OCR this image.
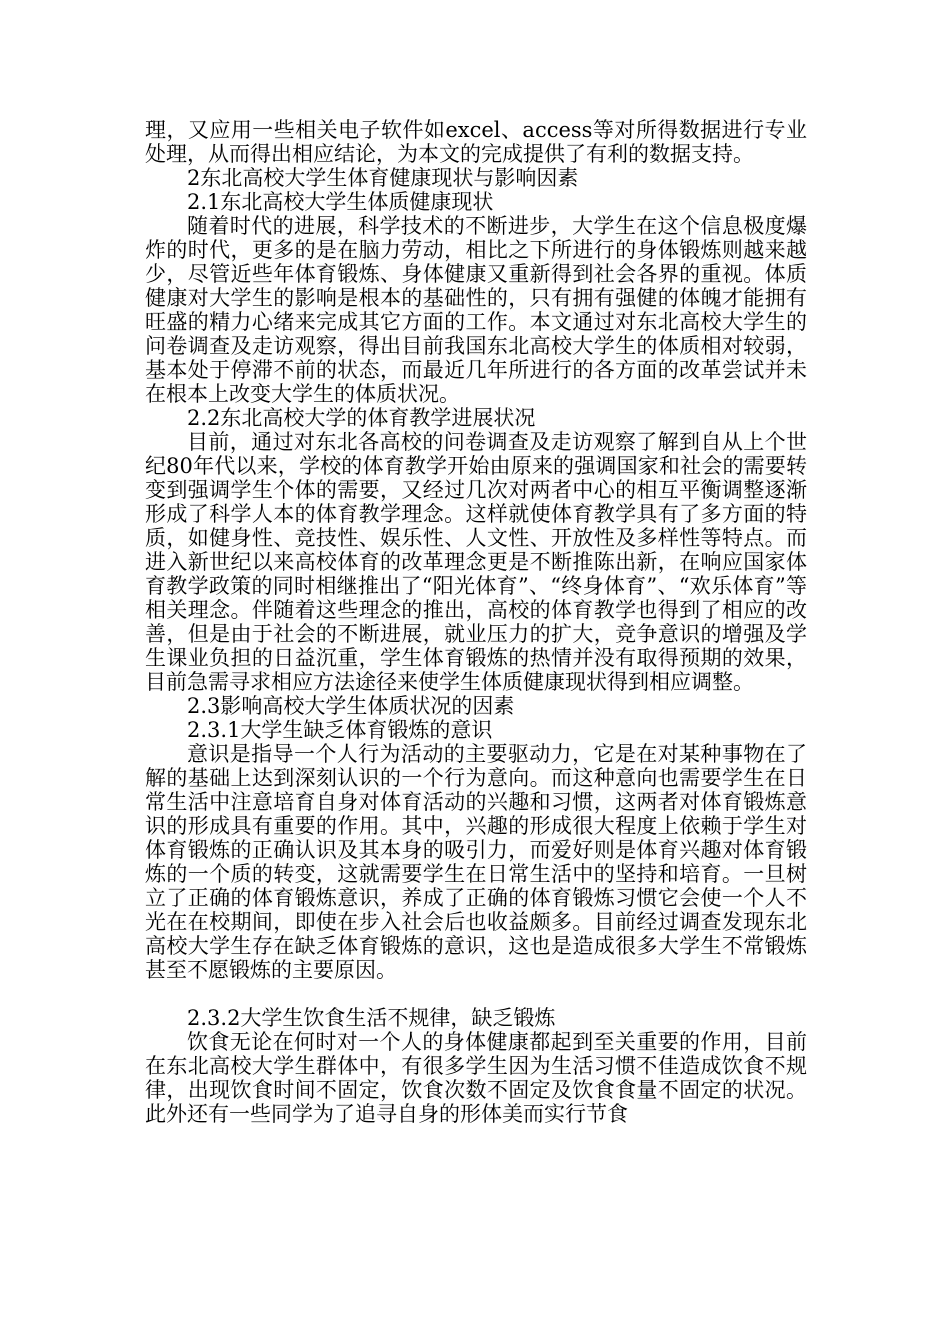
理，又应用一些相关电子软件如excel、access等对所得数据进行专业处理，从而得出相应结论，为本文的完成提供了有利的数据支持。

2东北高校大学生体育健康现状与影响因素

2.1东北高校大学生体质健康现状

随着时代的进展，科学技术的不断进步，大学生在这个信息极度爆炸的时代，更多的是在脑力劳动，相比之下所进行的身体锻炼则越来越少，尽管近些年体育锻炼、身体健康又重新得到社会各界的重视。体质健康对大学生的影响是根本的基础性的，只有拥有强健的体魄才能拥有旺盛的精力心绪来完成其它方面的工作。本文通过对东北高校大学生的问卷调查及走访观察，得出目前我国东北高校大学生的体质相对较弱，基本处于停滞不前的状态，而最近几年所进行的各方面的改革尝试并未在根本上改变大学生的体质状况。

2.2东北高校大学的体育教学进展状况

目前，通过对东北各高校的问卷调查及走访观察了解到自从上个世纪80年代以来，学校的体育教学开始由原来的强调国家和社会的需要转变到强调学生个体的需要，又经过几次对两者中心的相互平衡调整逐渐形成了科学人本的体育教学理念。这样就使体育教学具有了多方面的特质，如健身性、竞技性、娱乐性、人文性、开放性及多样性等特点。而进入新世纪以来高校体育的改革理念更是不断推陈出新，在响应国家体育教学政策的同时相继推出了“阳光体育”、“终身体育”、“欢乐体育”等相关理念。伴随着这些理念的推出，高校的体育教学也得到了相应的改善，但是由于社会的不断进展，就业压力的扩大，竞争意识的增强及学生课业负担的日益沉重，学生体育锻炼的热情并没有取得预期的效果，目前急需寻求相应方法途径来使学生体质健康现状得到相应调整。

2.3影响高校大学生体质状况的因素

2.3.1大学生缺乏体育锻炼的意识

意识是指导一个人行为活动的主要驱动力，它是在对某种事物在了解的基础上达到深刻认识的一个行为意向。而这种意向也需要学生在日常生活中注意培育自身对体育活动的兴趣和习惯，这两者对体育锻炼意识的形成具有重要的作用。其中，兴趣的形成很大程度上依赖于学生对体育锻炼的正确认识及其本身的吸引力，而爱好则是体育兴趣对体育锻炼的一个质的转变，这就需要学生在日常生活中的坚持和培育。一旦树立了正确的体育锻炼意识，养成了正确的体育锻炼习惯它会使一个人不光在在校期间，即使在步入社会后也收益颇多。目前经过调查发现东北高校大学生存在缺乏体育锻炼的意识，这也是造成很多大学生不常锻炼甚至不愿锻炼的主要原因。

2.3.2大学生饮食生活不规律，缺乏锻炼

饮食无论在何时对一个人的身体健康都起到至关重要的作用，目前在东北高校大学生群体中，有很多学生因为生活习惯不佳造成饮食不规律，出现饮食时间不固定，饮食次数不固定及饮食食量不固定的状况。此外还有一些同学为了追寻自身的形体美而实行节食
